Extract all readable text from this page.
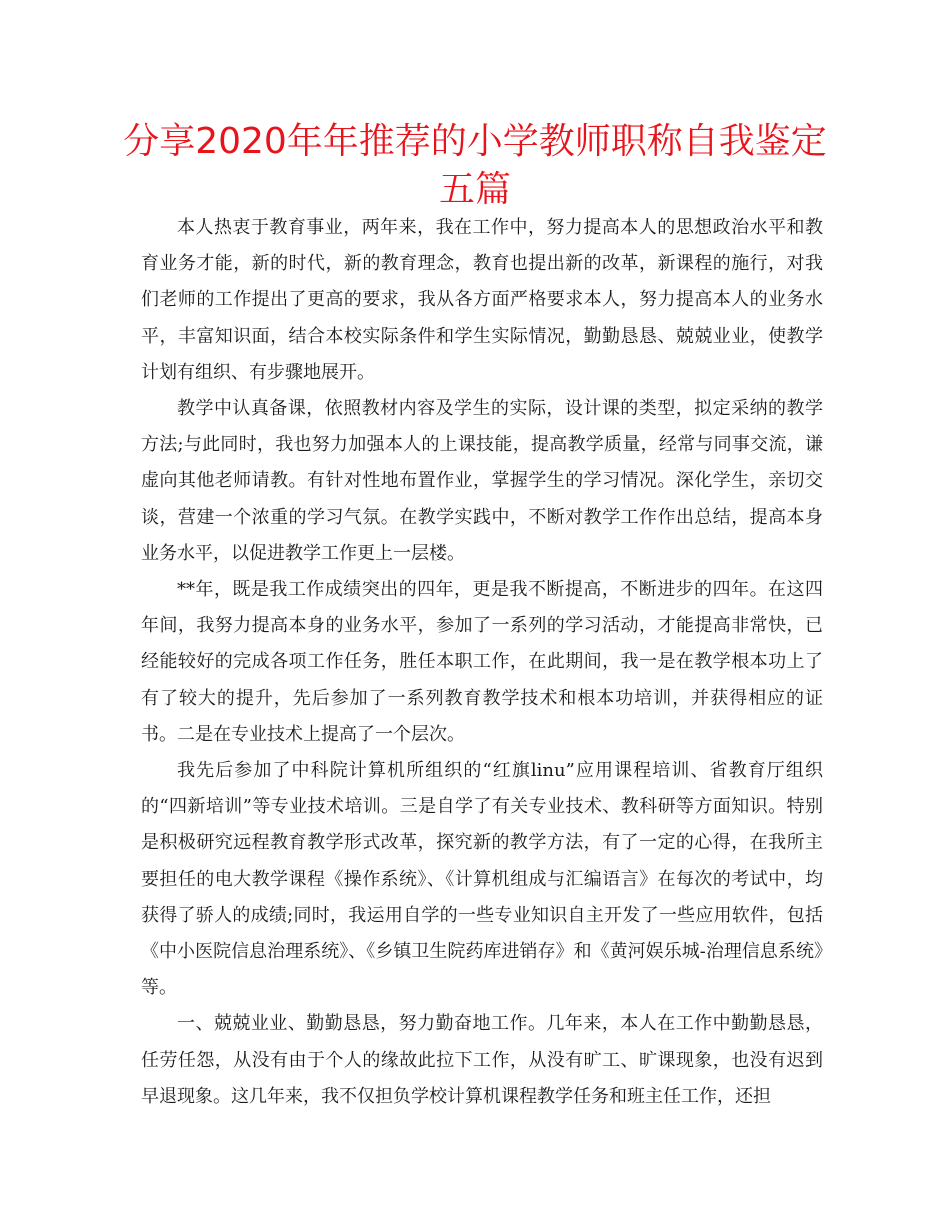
分享2020年年推荐的小学教师职称自我鉴定五篇

本人热衷于教育事业，两年来，我在工作中，努力提高本人的思想政治水平和教育业务才能，新的时代，新的教育理念，教育也提出新的改革，新课程的施行，对我们老师的工作提出了更高的要求，我从各方面严格要求本人，努力提高本人的业务水平，丰富知识面，结合本校实际条件和学生实际情况，勤勤恳恳、兢兢业业，使教学计划有组织、有步骤地展开。

教学中认真备课，依照教材内容及学生的实际，设计课的类型，拟定采纳的教学方法;与此同时，我也努力加强本人的上课技能，提高教学质量，经常与同事交流，谦虚向其他老师请教。有针对性地布置作业，掌握学生的学习情况。深化学生，亲切交谈，营建一个浓重的学习气氛。在教学实践中，不断对教学工作作出总结，提高本身业务水平，以促进教学工作更上一层楼。

**年，既是我工作成绩突出的四年，更是我不断提高，不断进步的四年。在这四年间，我努力提高本身的业务水平，参加了一系列的学习活动，才能提高非常快，已经能较好的完成各项工作任务，胜任本职工作，在此期间，我一是在教学根本功上了有了较大的提升，先后参加了一系列教育教学技术和根本功培训，并获得相应的证书。二是在专业技术上提高了一个层次。

我先后参加了中科院计算机所组织的“红旗linu”应用课程培训、省教育厅组织的“四新培训”等专业技术培训。三是自学了有关专业技术、教科研等方面知识。特别是积极研究远程教育教学形式改革，探究新的教学方法，有了一定的心得，在我所主要担任的电大教学课程《操作系统》、《计算机组成与汇编语言》在每次的考试中，均获得了骄人的成绩;同时，我运用自学的一些专业知识自主开发了一些应用软件，包括《中小医院信息治理系统》、《乡镇卫生院药库进销存》和《黄河娱乐城-治理信息系统》等。

一、兢兢业业、勤勤恳恳，努力勤奋地工作。几年来，本人在工作中勤勤恳恳，任劳任怨，从没有由于个人的缘故此拉下工作，从没有旷工、旷课现象，也没有迟到早退现象。这几年来，我不仅担负学校计算机课程教学任务和班主任工作，还担
